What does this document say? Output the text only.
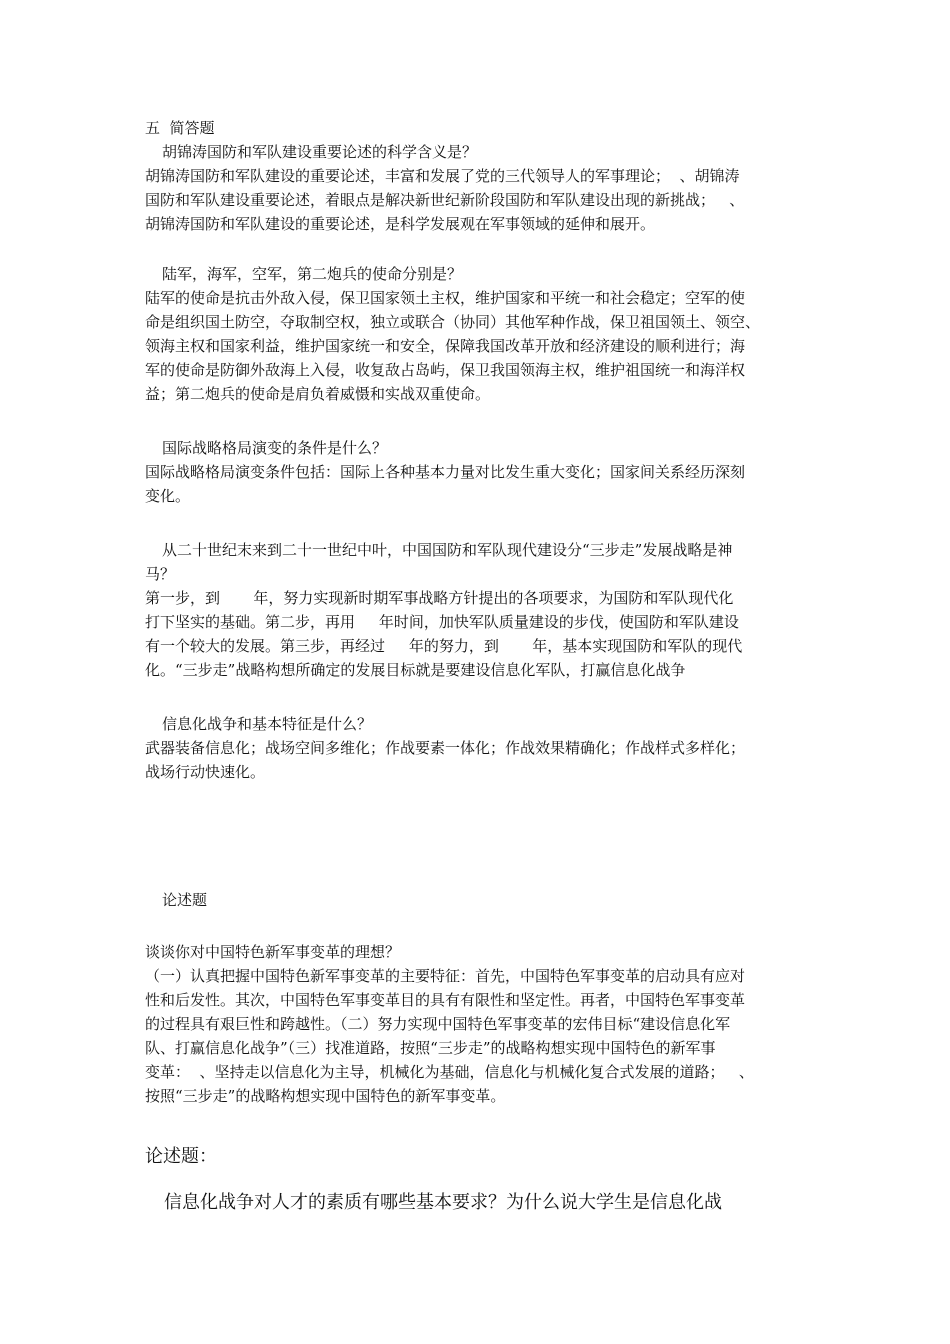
五  简答题
胡锦涛国防和军队建设重要论述的科学含义是？
胡锦涛国防和军队建设的重要论述，丰富和发展了党的三代领导人的军事理论；  、胡锦涛
国防和军队建设重要论述，着眼点是解决新世纪新阶段国防和军队建设出现的新挑战；   、
胡锦涛国防和军队建设的重要论述，是科学发展观在军事领域的延伸和展开。
陆军，海军，空军，第二炮兵的使命分别是？
陆军的使命是抗击外敌入侵，保卫国家领土主权，维护国家和平统一和社会稳定；空军的使
命是组织国土防空，夺取制空权，独立或联合（协同）其他军种作战，保卫祖国领土、领空、
领海主权和国家利益，维护国家统一和安全，保障我国改革开放和经济建设的顺利进行；海
军的使命是防御外敌海上入侵，收复敌占岛屿，保卫我国领海主权，维护祖国统一和海洋权
益；第二炮兵的使命是肩负着威慑和实战双重使命。
国际战略格局演变的条件是什么？
国际战略格局演变条件包括：国际上各种基本力量对比发生重大变化；国家间关系经历深刻
变化。
从二十世纪末来到二十一世纪中叶，中国国防和军队现代建设分“三步走”发展战略是神
马？
第一步，到       年，努力实现新时期军事战略方针提出的各项要求，为国防和军队现代化
打下坚实的基础。第二步，再用     年时间，加快军队质量建设的步伐，使国防和军队建设
有一个较大的发展。第三步，再经过     年的努力，到       年，基本实现国防和军队的现代
化。“三步走”战略构想所确定的发展目标就是要建设信息化军队，打赢信息化战争
信息化战争和基本特征是什么？
武器装备信息化；战场空间多维化；作战要素一体化；作战效果精确化；作战样式多样化；
战场行动快速化。
论述题
谈谈你对中国特色新军事变革的理想？
（一）认真把握中国特色新军事变革的主要特征：首先，中国特色军事变革的启动具有应对
性和后发性。其次，中国特色军事变革目的具有有限性和坚定性。再者，中国特色军事变革
的过程具有艰巨性和跨越性。（二）努力实现中国特色军事变革的宏伟目标“建设信息化军
队、打赢信息化战争”（三）找准道路，按照“三步走”的战略构想实现中国特色的新军事
变革：  、坚持走以信息化为主导，机械化为基础，信息化与机械化复合式发展的道路；   、
按照“三步走”的战略构想实现中国特色的新军事变革。
论述题：
信息化战争对人才的素质有哪些基本要求？为什么说大学生是信息化战
